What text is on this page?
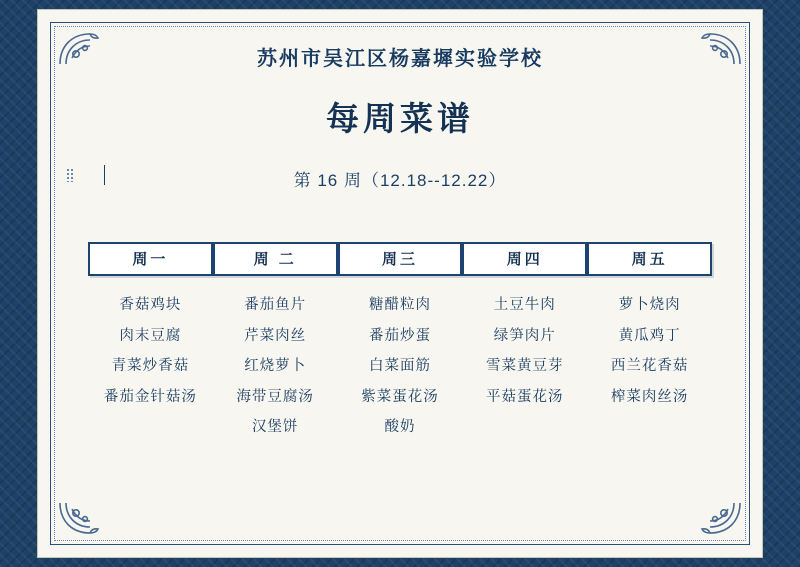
苏州市吴江区杨嘉墀实验学校
每周菜谱
第 16 周（12.18--12.22）
周一
香菇鸡块
肉末豆腐
青菜炒香菇
番茄金针菇汤
周 二
番茄鱼片
芹菜肉丝
红烧萝卜
海带豆腐汤
汉堡饼
周三
糖醋粒肉
番茄炒蛋
白菜面筋
紫菜蛋花汤
酸奶
周四
土豆牛肉
绿笋肉片
雪菜黄豆芽
平菇蛋花汤
周五
萝卜烧肉
黄瓜鸡丁
西兰花香菇
榨菜肉丝汤
